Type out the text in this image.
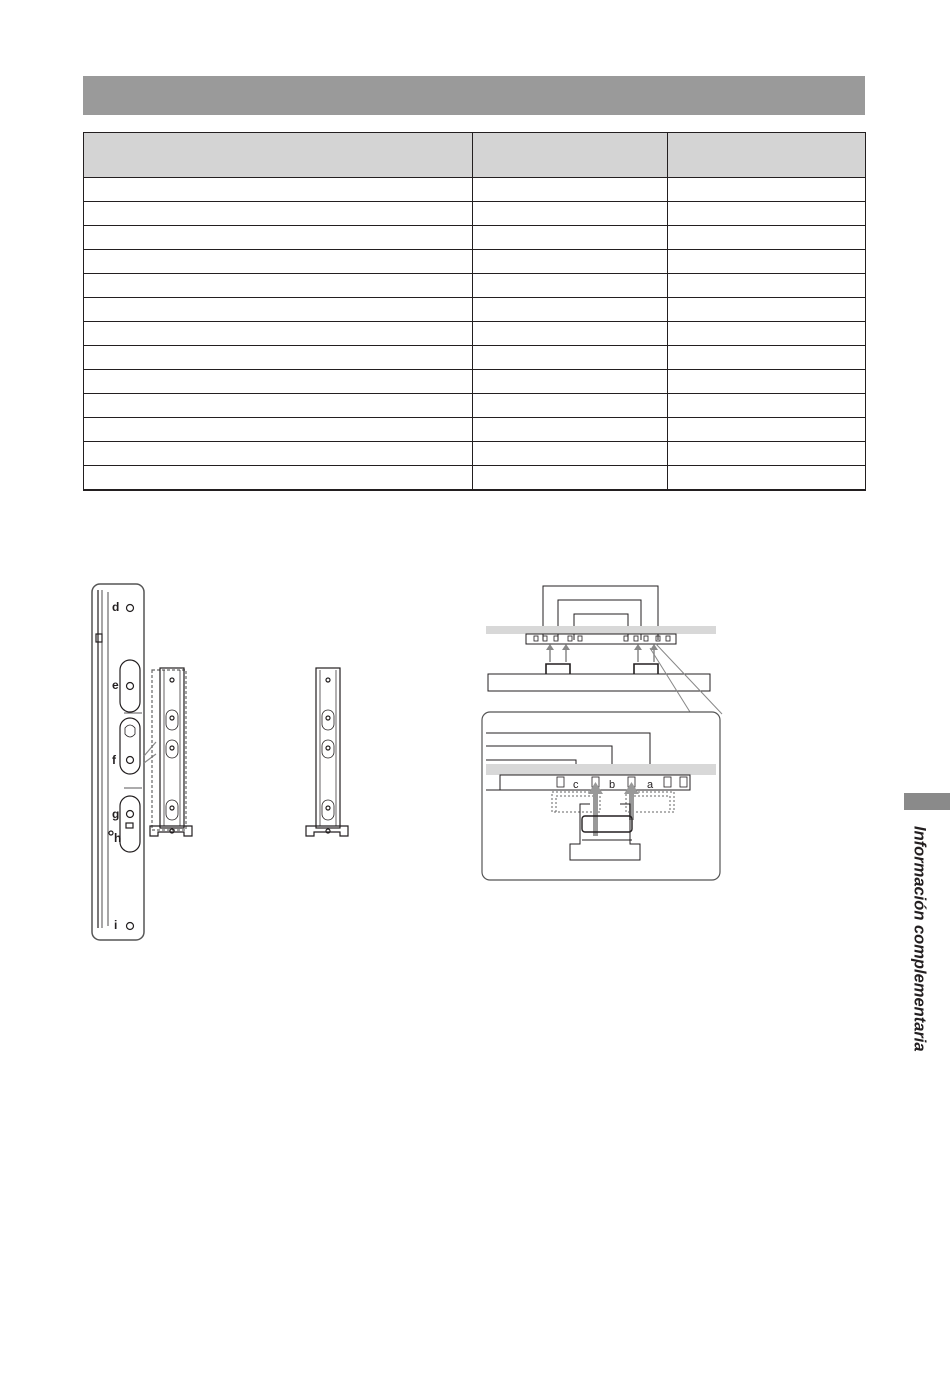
d
e
f
g
h
i
c	b	a
Información complementaria
